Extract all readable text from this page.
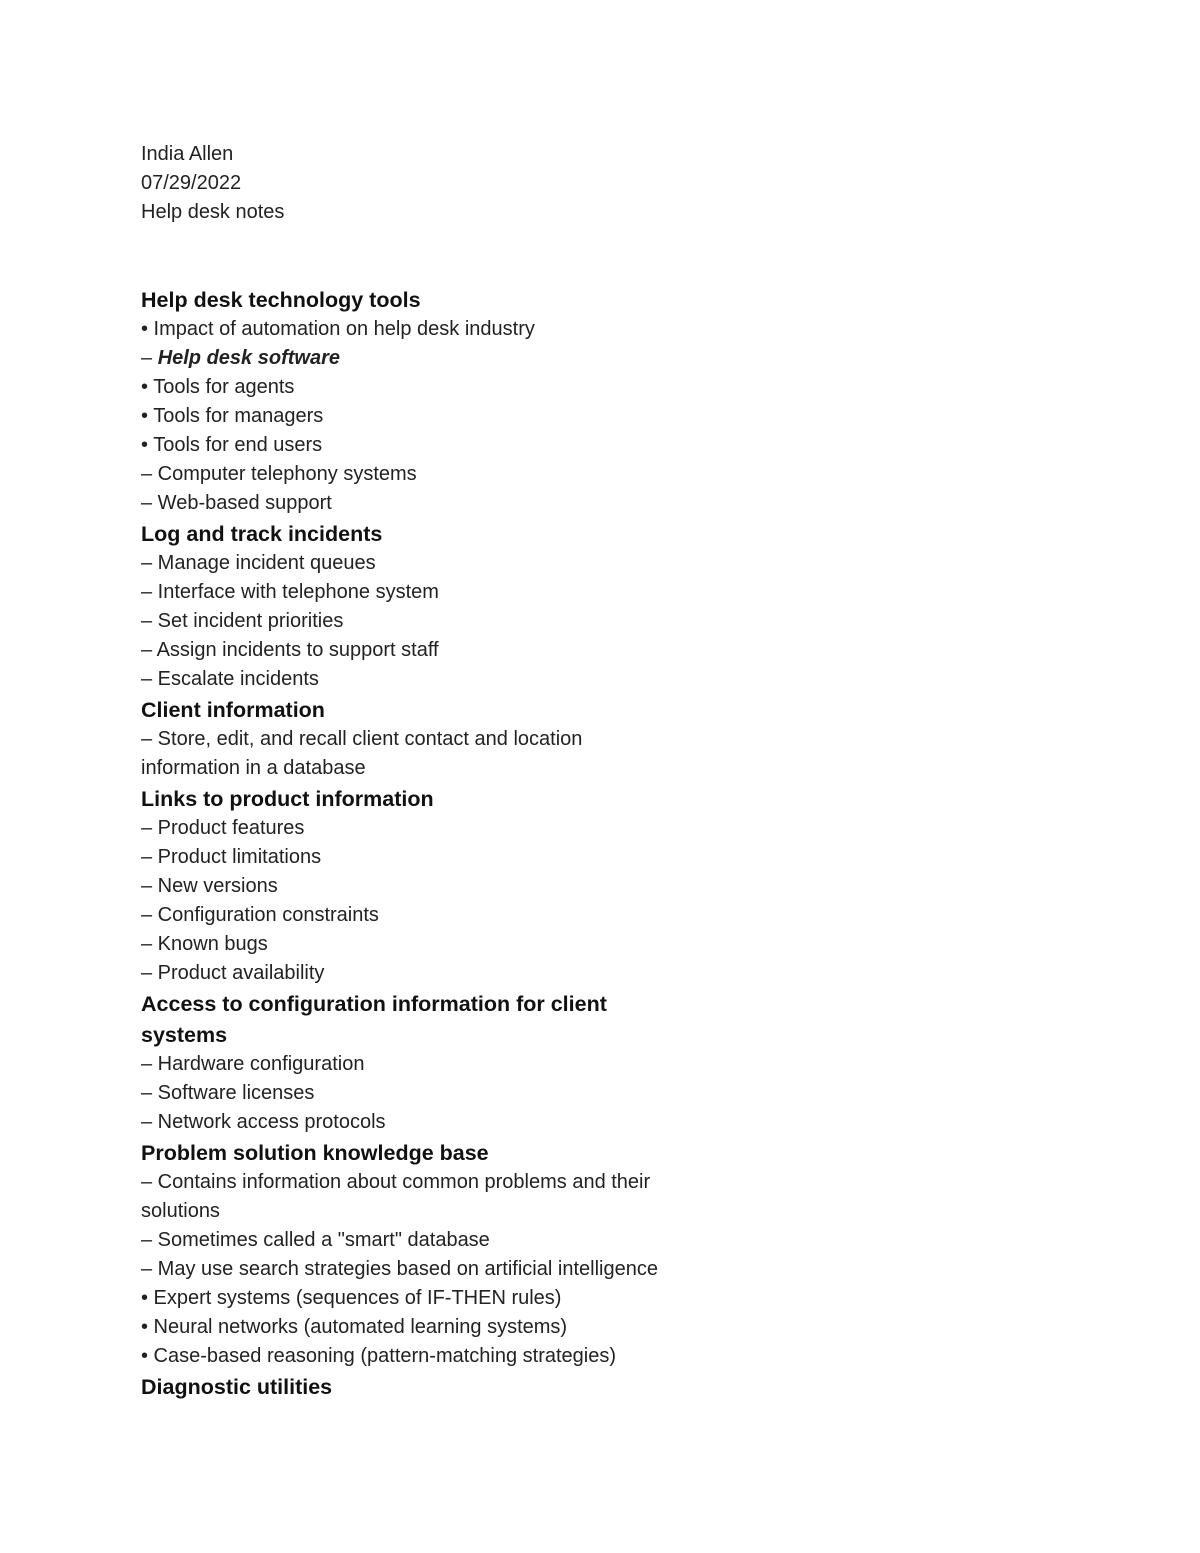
India Allen
07/29/2022
Help desk notes
Help desk technology tools
• Impact of automation on help desk industry
– Help desk software
• Tools for agents
• Tools for managers
• Tools for end users
– Computer telephony systems
– Web-based support
Log and track incidents
– Manage incident queues
– Interface with telephone system
– Set incident priorities
– Assign incidents to support staff
– Escalate incidents
Client information
– Store, edit, and recall client contact and location
information in a database
Links to product information
– Product features
– Product limitations
– New versions
– Configuration constraints
– Known bugs
– Product availability
Access to configuration information for client
systems
– Hardware configuration
– Software licenses
– Network access protocols
Problem solution knowledge base
– Contains information about common problems and their
solutions
– Sometimes called a "smart" database
– May use search strategies based on artificial intelligence
• Expert systems (sequences of IF-THEN rules)
• Neural networks (automated learning systems)
• Case-based reasoning (pattern-matching strategies)
Diagnostic utilities
